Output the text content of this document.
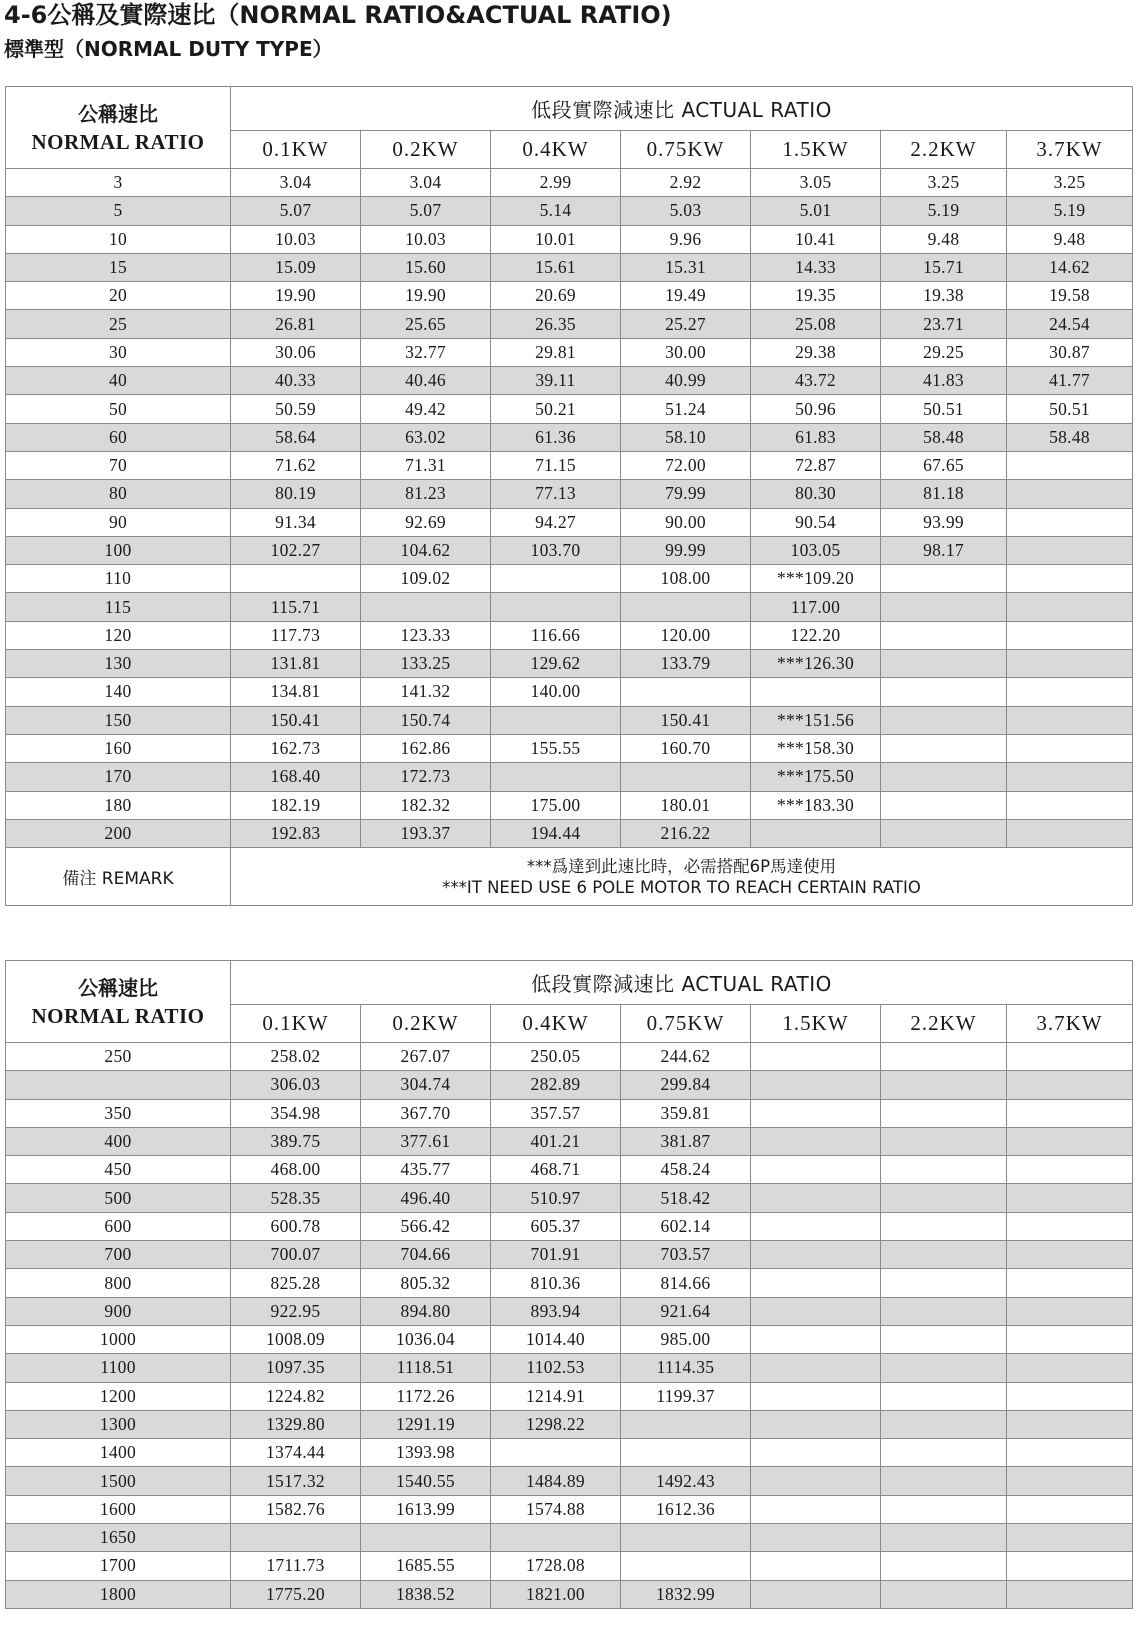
4-6公稱及實際速比（NORMAL RATIO&ACTUAL RATIO)
標準型（NORMAL DUTY TYPE）
公稱速比
NORMAL RATIO	低段實際減速比 ACTUAL RATIO						
	0.1KW	0.2KW	0.4KW	0.75KW	1.5KW	2.2KW	3.7KW
3	3.04	3.04	2.99	2.92	3.05	3.25	3.25
5	5.07	5.07	5.14	5.03	5.01	5.19	5.19
10	10.03	10.03	10.01	9.96	10.41	9.48	9.48
15	15.09	15.60	15.61	15.31	14.33	15.71	14.62
20	19.90	19.90	20.69	19.49	19.35	19.38	19.58
25	26.81	25.65	26.35	25.27	25.08	23.71	24.54
30	30.06	32.77	29.81	30.00	29.38	29.25	30.87
40	40.33	40.46	39.11	40.99	43.72	41.83	41.77
50	50.59	49.42	50.21	51.24	50.96	50.51	50.51
60	58.64	63.02	61.36	58.10	61.83	58.48	58.48
70	71.62	71.31	71.15	72.00	72.87	67.65	
80	80.19	81.23	77.13	79.99	80.30	81.18	
90	91.34	92.69	94.27	90.00	90.54	93.99	
100	102.27	104.62	103.70	99.99	103.05	98.17	
110		109.02		108.00	***109.20		
115	115.71				117.00		
120	117.73	123.33	116.66	120.00	122.20		
130	131.81	133.25	129.62	133.79	***126.30		
140	134.81	141.32	140.00				
150	150.41	150.74		150.41	***151.56		
160	162.73	162.86	155.55	160.70	***158.30		
170	168.40	172.73			***175.50		
180	182.19	182.32	175.00	180.01	***183.30		
200	192.83	193.37	194.44	216.22			
備注 REMARK	***爲達到此速比時，必需搭配6P馬達使用
***IT NEED USE 6 POLE MOTOR TO REACH CERTAIN RATIO						
公稱速比
NORMAL RATIO	低段實際減速比 ACTUAL RATIO						
	0.1KW	0.2KW	0.4KW	0.75KW	1.5KW	2.2KW	3.7KW
250	258.02	267.07	250.05	244.62			
	306.03	304.74	282.89	299.84			
350	354.98	367.70	357.57	359.81			
400	389.75	377.61	401.21	381.87			
450	468.00	435.77	468.71	458.24			
500	528.35	496.40	510.97	518.42			
600	600.78	566.42	605.37	602.14			
700	700.07	704.66	701.91	703.57			
800	825.28	805.32	810.36	814.66			
900	922.95	894.80	893.94	921.64			
1000	1008.09	1036.04	1014.40	985.00			
1100	1097.35	1118.51	1102.53	1114.35			
1200	1224.82	1172.26	1214.91	1199.37			
1300	1329.80	1291.19	1298.22				
1400	1374.44	1393.98					
1500	1517.32	1540.55	1484.89	1492.43			
1600	1582.76	1613.99	1574.88	1612.36			
1650							
1700	1711.73	1685.55	1728.08				
1800	1775.20	1838.52	1821.00	1832.99			
